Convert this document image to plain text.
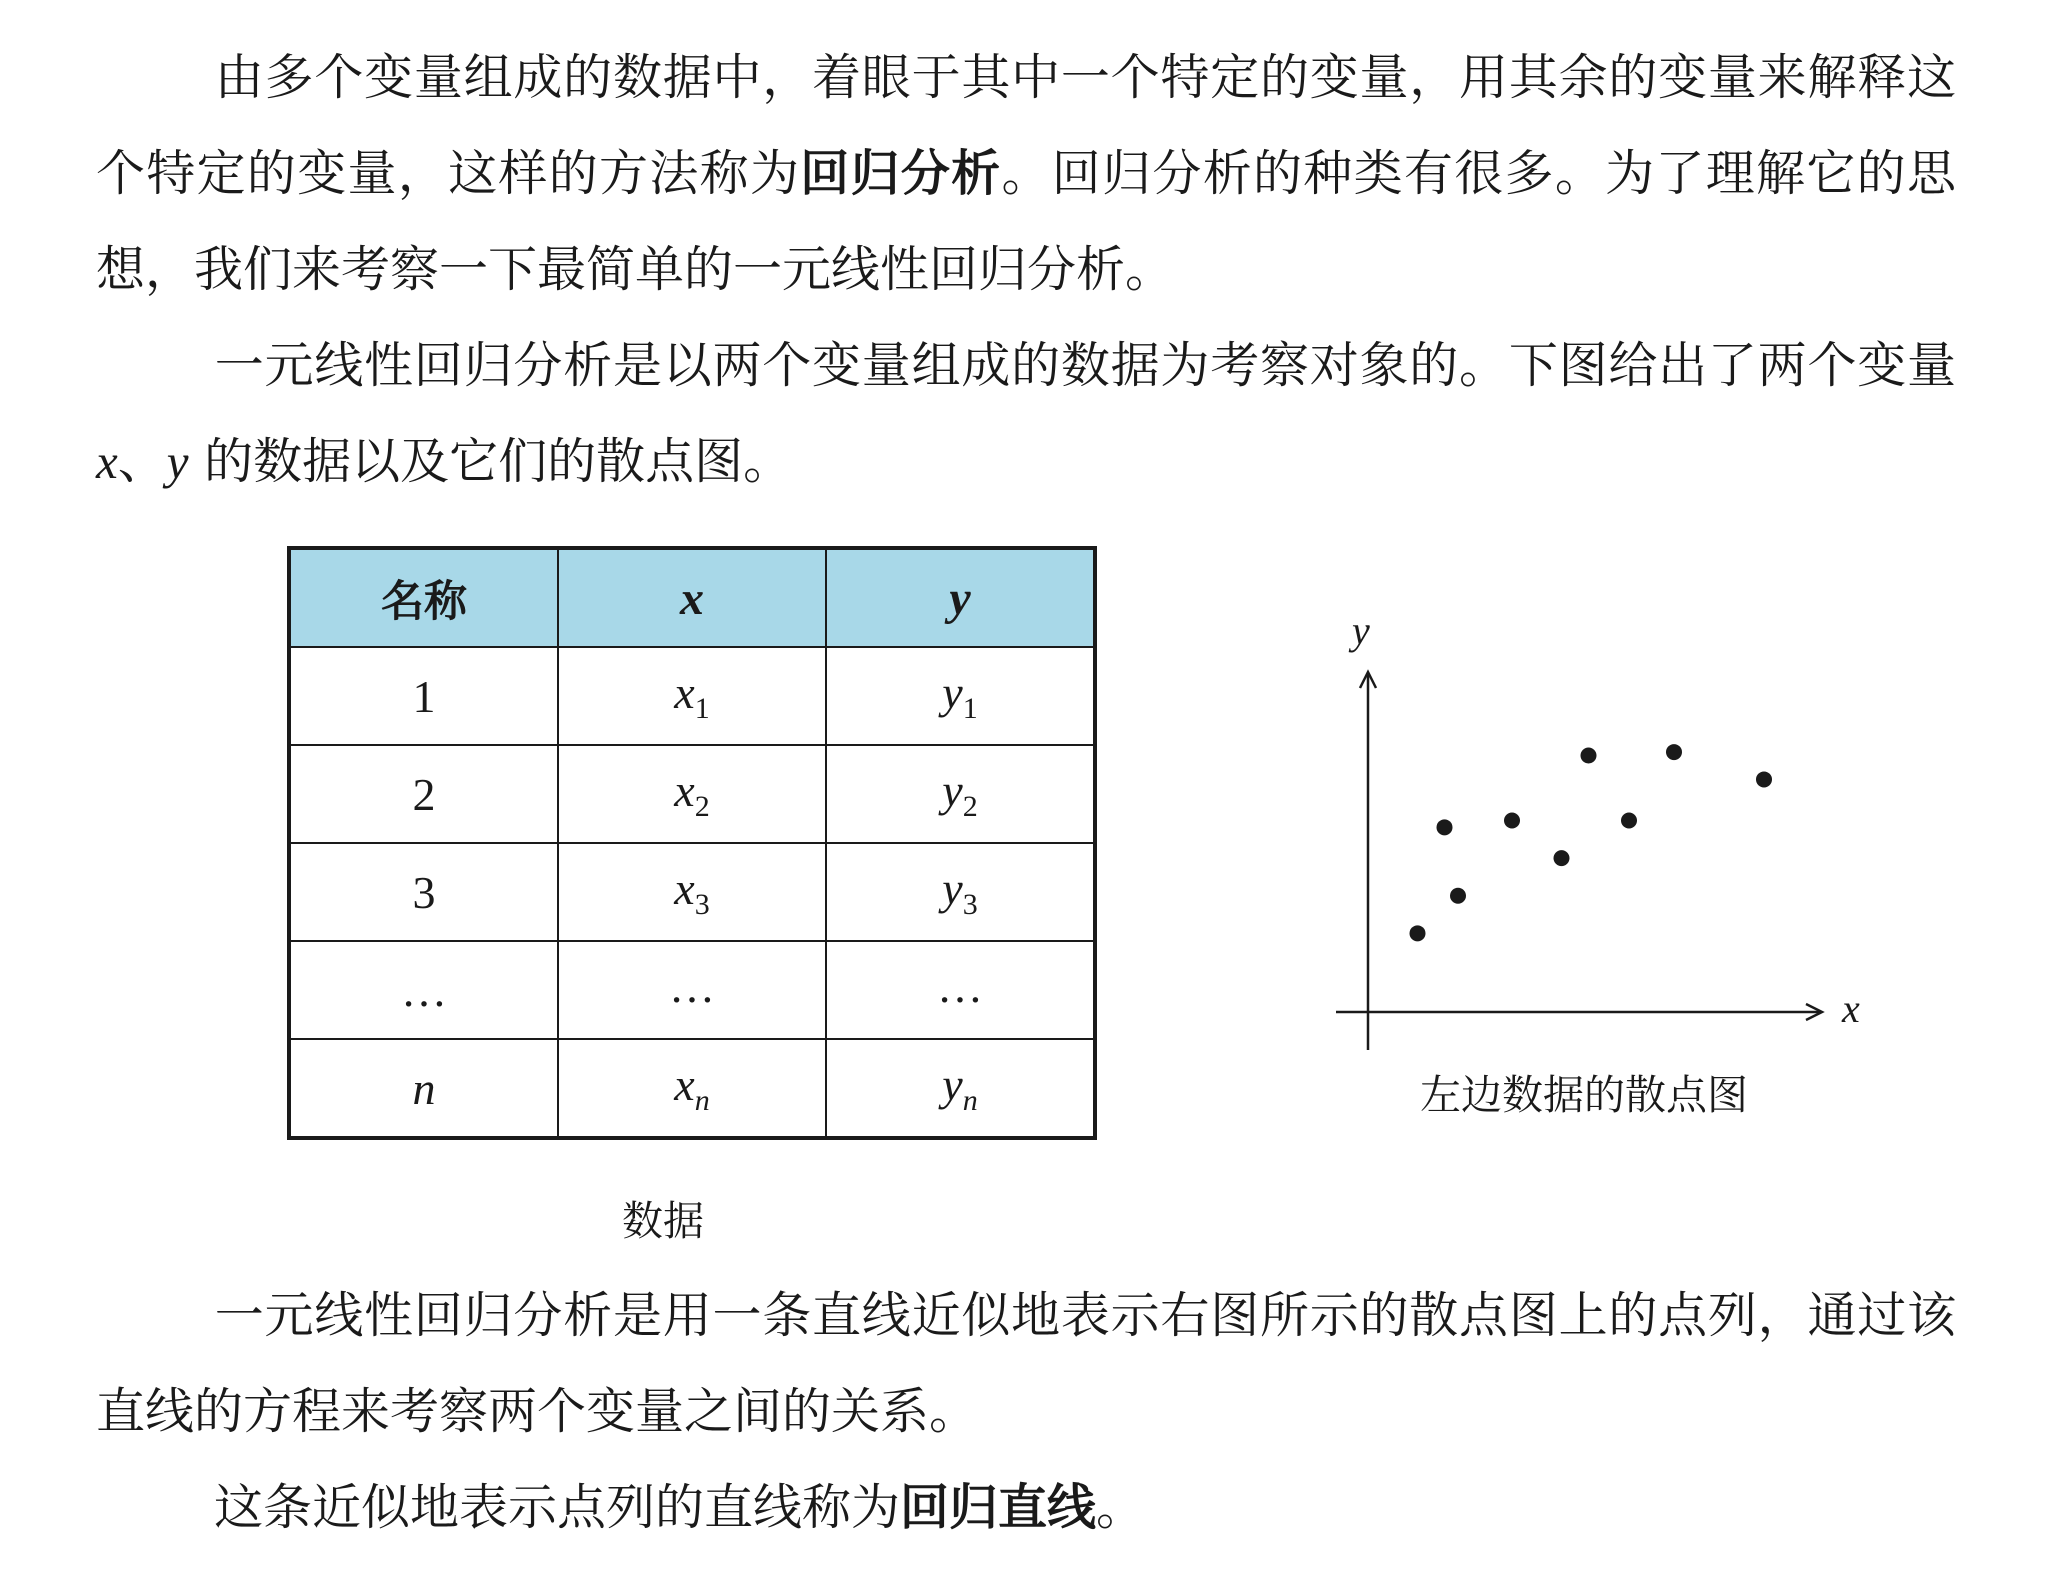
由多个变量组成的数据中，着眼于其中一个特定的变量，用其余的变量来解释这个特定的变量，这样的方法称为回归分析。回归分析的种类有很多。为了理解它的思想，我们来考察一下最简单的一元线性回归分析。

一元线性回归分析是以两个变量组成的数据为考察对象的。下图给出了两个变量 x、y 的数据以及它们的散点图。

名称	x	y
1	$x_1$	$y_1$
2	$x_2$	$y_2$
3	$x_3$	$y_3$
…	…	…
n	$x_n$	$y_n$
数据
y
x
左边数据的散点图

一元线性回归分析是用一条直线近似地表示右图所示的散点图上的点列，通过该直线的方程来考察两个变量之间的关系。

这条近似地表示点列的直线称为回归直线。
